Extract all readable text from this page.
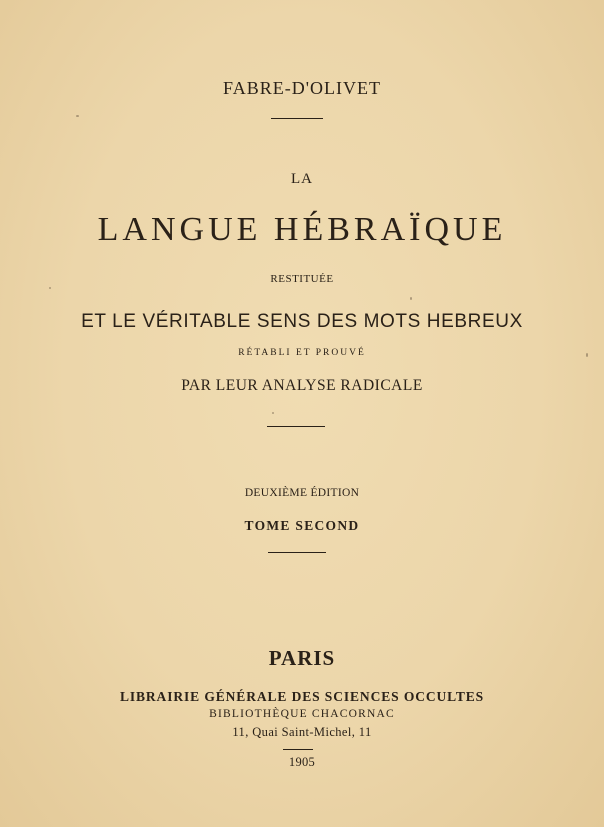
FABRE-D'OLIVET
LA
LANGUE HÉBRAÏQUE
RESTITUÉE
ET LE VÉRITABLE SENS DES MOTS HEBREUX
RÉTABLI ET PROUVÉ
PAR LEUR ANALYSE RADICALE
DEUXIÈME ÉDITION
TOME SECOND
PARIS
LIBRAIRIE GÉNÉRALE DES SCIENCES OCCULTES
BIBLIOTHÈQUE CHACORNAC
11, Quai Saint-Michel, 11
1905
